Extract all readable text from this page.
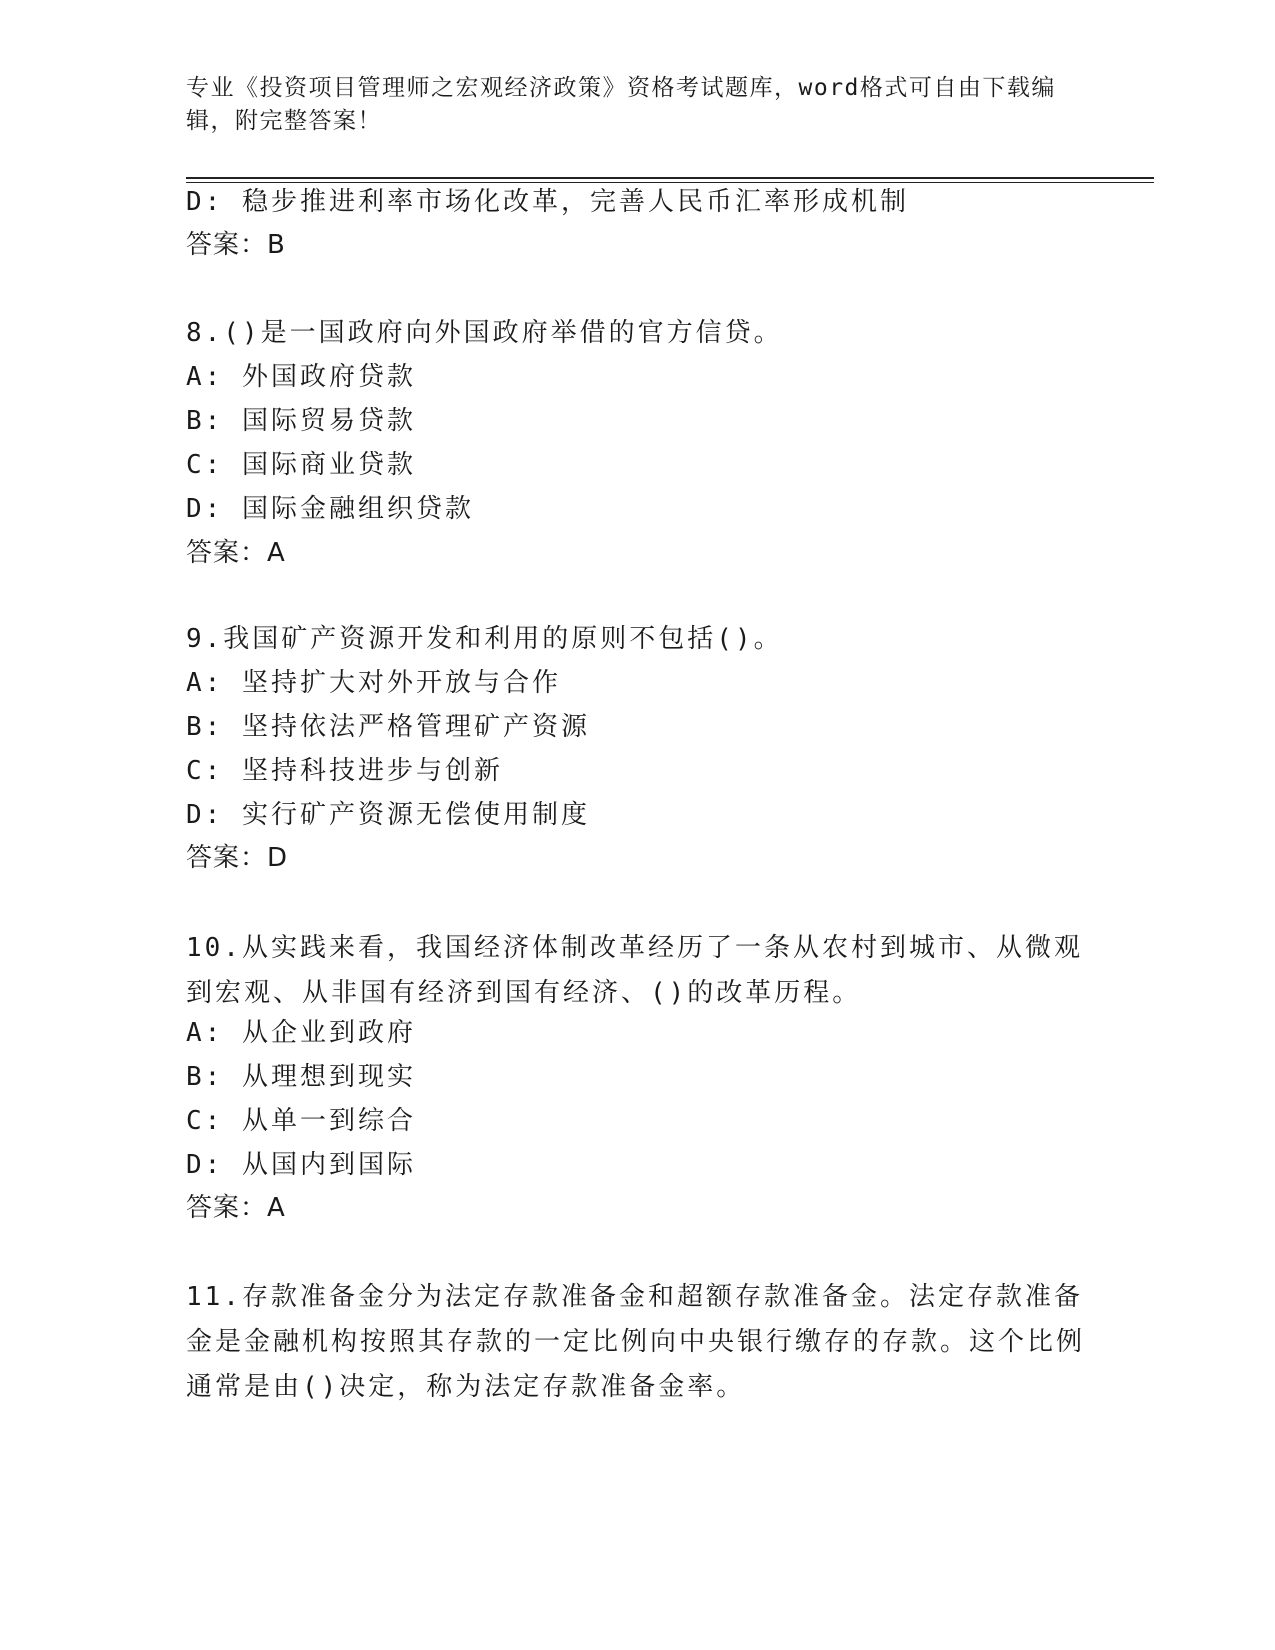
专业《投资项目管理师之宏观经济政策》资格考试题库，word格式可自由下载编辑，附完整答案！
D: 稳步推进利率市场化改革，完善人民币汇率形成机制
答案：B
8.()是一国政府向外国政府举借的官方信贷。
A: 外国政府贷款
B: 国际贸易贷款
C: 国际商业贷款
D: 国际金融组织贷款
答案：A
9.我国矿产资源开发和利用的原则不包括()。
A: 坚持扩大对外开放与合作
B: 坚持依法严格管理矿产资源
C: 坚持科技进步与创新
D: 实行矿产资源无偿使用制度
答案：D
10.从实践来看，我国经济体制改革经历了一条从农村到城市、从微观到宏观、从非国有经济到国有经济、()的改革历程。
A: 从企业到政府
B: 从理想到现实
C: 从单一到综合
D: 从国内到国际
答案：A
11.存款准备金分为法定存款准备金和超额存款准备金。法定存款准备金是金融机构按照其存款的一定比例向中央银行缴存的存款。这个比例通常是由()决定，称为法定存款准备金率。
